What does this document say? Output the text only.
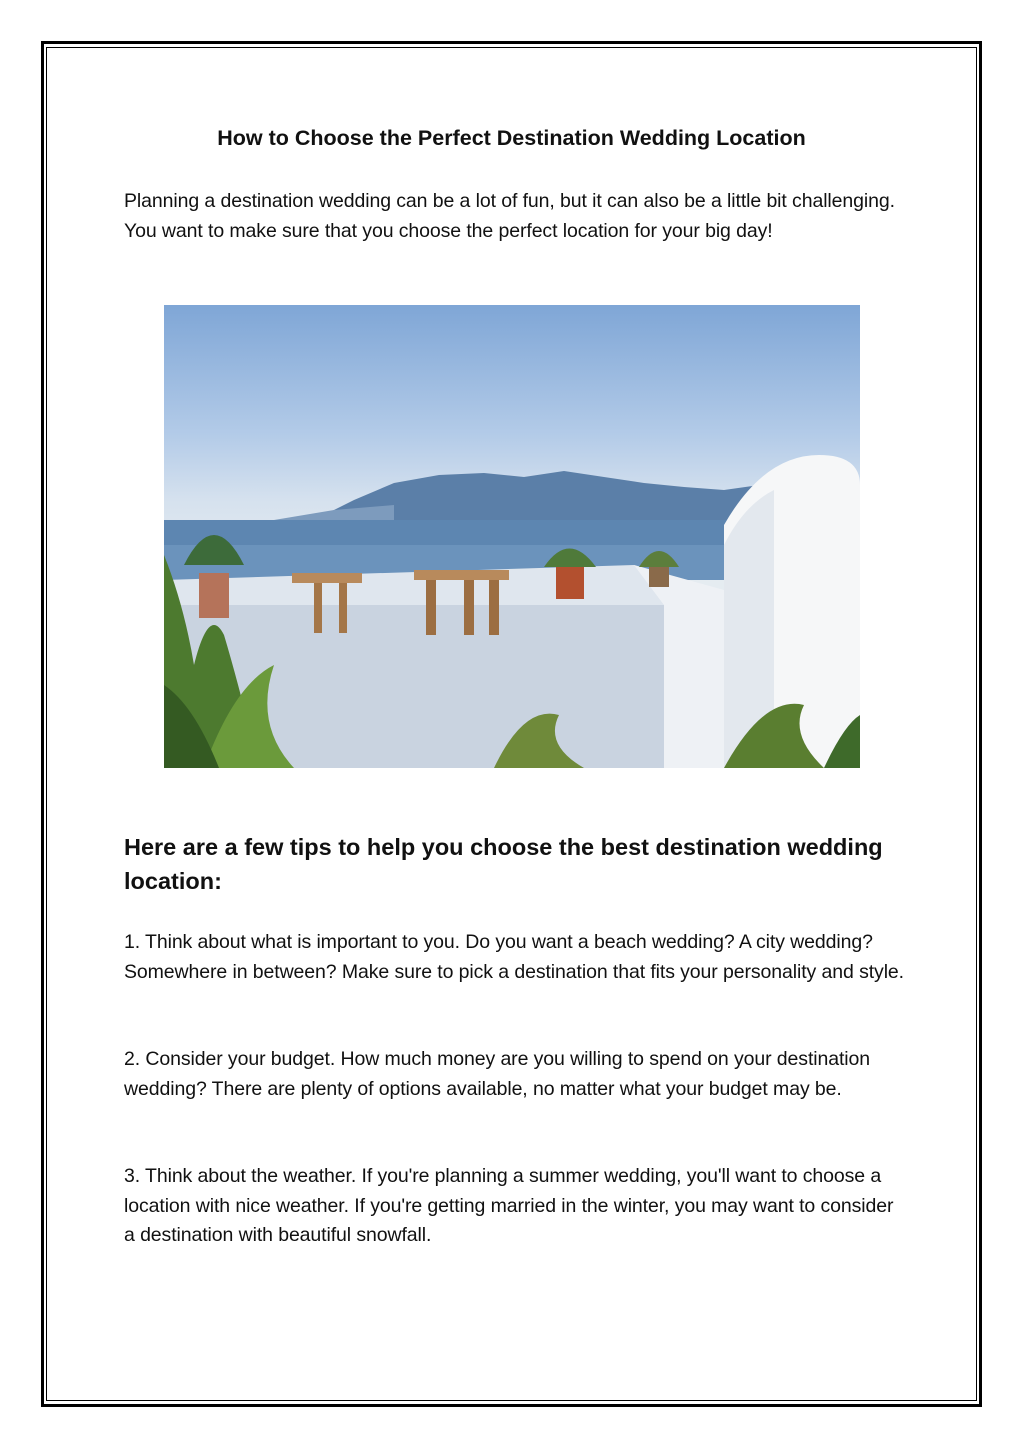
How to Choose the Perfect Destination Wedding Location

Planning a destination wedding can be a lot of fun, but it can also be a little bit challenging. You want to make sure that you choose the perfect location for your big day!

Here are a few tips to help you choose the best destination wedding location:

1. Think about what is important to you. Do you want a beach wedding? A city wedding? Somewhere in between? Make sure to pick a destination that fits your personality and style.

2. Consider your budget. How much money are you willing to spend on your destination wedding? There are plenty of options available, no matter what your budget may be.

3. Think about the weather. If you're planning a summer wedding, you'll want to choose a location with nice weather. If you're getting married in the winter, you may want to consider a destination with beautiful snowfall.
